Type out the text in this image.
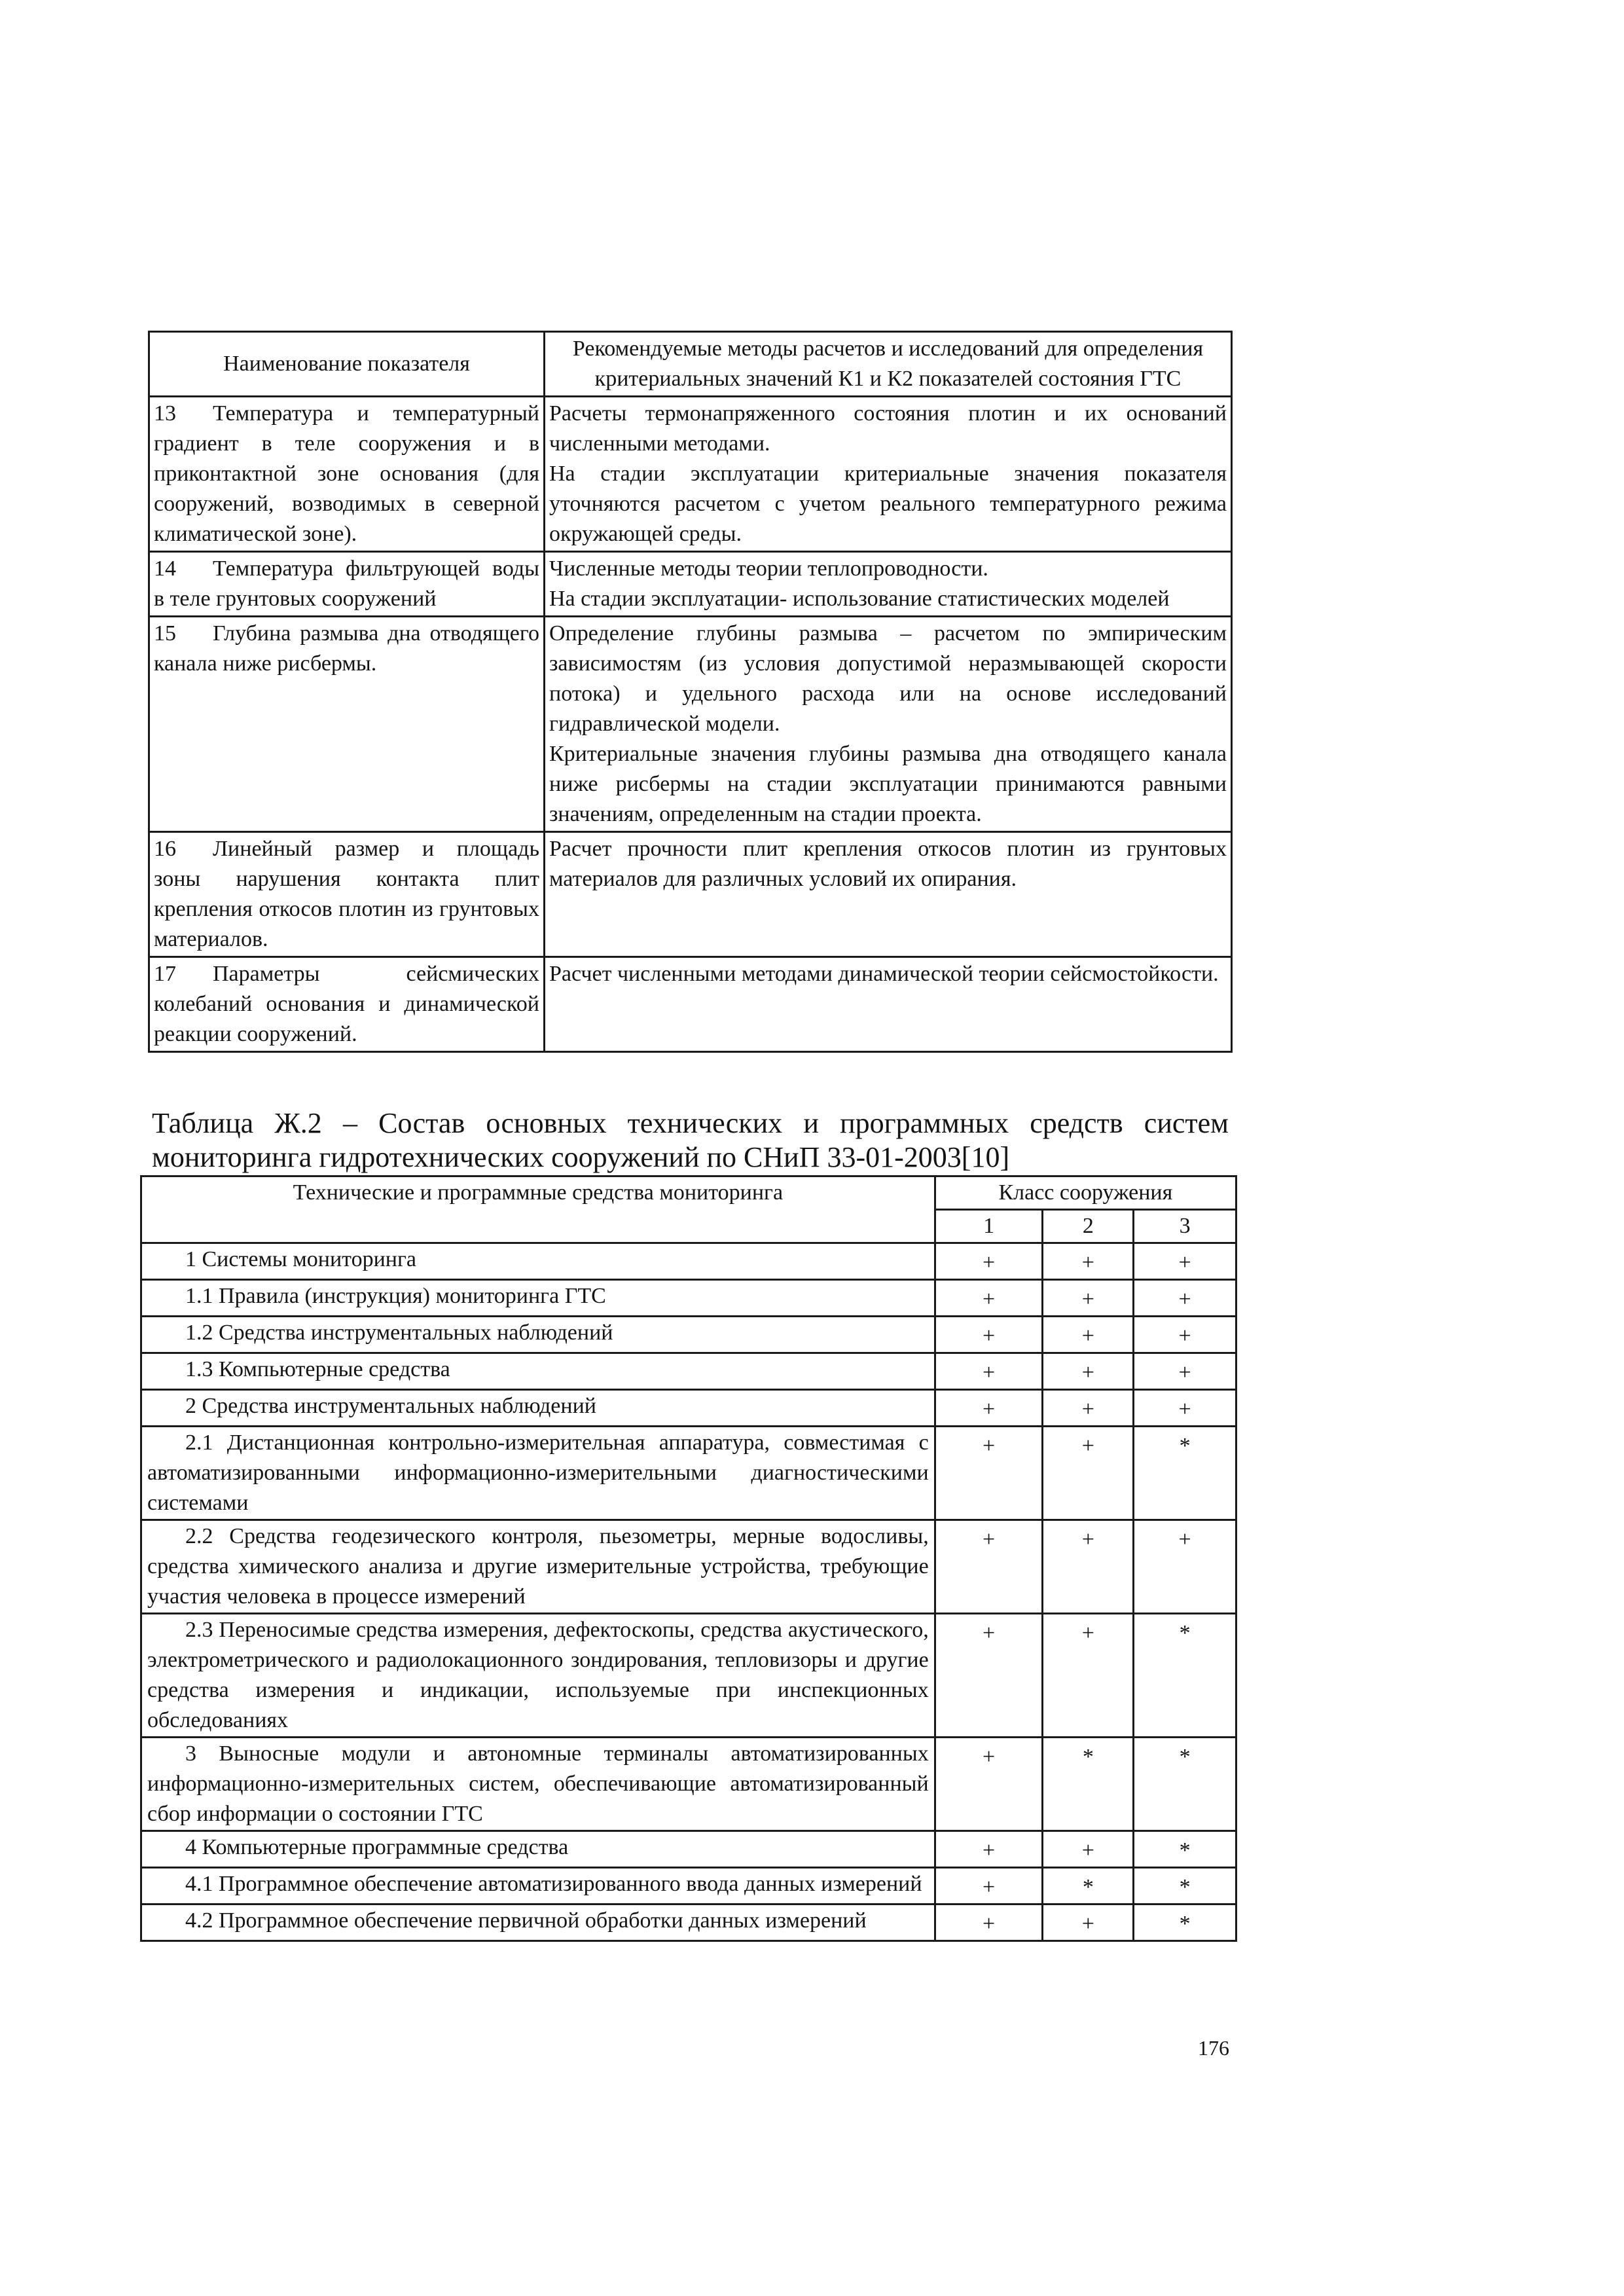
Наименование показателя	Рекомендуемые методы расчетов и исследований для определения критериальных значений К1 и К2 показателей состояния ГТС
13 Температура и температурный градиент в теле сооружения и в приконтактной зоне основания (для сооружений, возводимых в северной климатической зоне).	Расчеты термонапряженного состояния плотин и их оснований численными методами.

На стадии эксплуатации критериальные значения показателя уточняются расчетом с учетом реального температурного режима окружающей среды.

14 Температура фильтрующей воды в теле грунтовых сооружений	Численные методы теории теплопроводности.

На стадии эксплуатации- использование статистических моделей

15 Глубина размыва дна отводящего канала ниже рисбермы.	Определение глубины размыва – расчетом по эмпирическим зависимостям (из условия допустимой неразмывающей скорости потока) и удельного расхода или на основе исследований гидравлической модели.

Критериальные значения глубины размыва дна отводящего канала ниже рисбермы на стадии эксплуатации принимаются равными значениям, определенным на стадии проекта.

16 Линейный размер и площадь зоны нарушения контакта плит крепления откосов плотин из грунтовых материалов.	Расчет прочности плит крепления откосов плотин из грунтовых материалов для различных условий их опирания.

17 Параметры сейсмических колебаний основания и динамической реакции сооружений.	Расчет численными методами динамической теории сейсмостойкости.

Таблица Ж.2 – Состав основных технических и программных средств систем мониторинга гидротехнических сооружений по СНиП 33-01-2003[10]

Технические и программные средства мониторинга	Класс сооружения		
	1	2	3
1 Системы мониторинга	+	+	+
1.1 Правила (инструкция) мониторинга ГТС	+	+	+
1.2 Средства инструментальных наблюдений	+	+	+
1.3 Компьютерные средства	+	+	+
2 Средства инструментальных наблюдений	+	+	+
2.1 Дистанционная контрольно-измерительная аппаратура, совместимая с автоматизированными информационно-измерительными диагностическими системами	+	+	*
2.2 Средства геодезического контроля, пьезометры, мерные водосливы, средства химического анализа и другие измерительные устройства, требующие участия человека в процессе измерений	+	+	+
2.3 Переносимые средства измерения, дефектоскопы, средства акустического, электрометрического и радиолокационного зондирования, тепловизоры и другие средства измерения и индикации, используемые при инспекционных обследованиях	+	+	*
3 Выносные модули и автономные терминалы автоматизированных информационно-измерительных систем, обеспечивающие автоматизированный сбор информации о состоянии ГТС	+	*	*
4 Компьютерные программные средства	+	+	*
4.1 Программное обеспечение автоматизированного ввода данных измерений	+	*	*
4.2 Программное обеспечение первичной обработки данных измерений	+	+	*
176
